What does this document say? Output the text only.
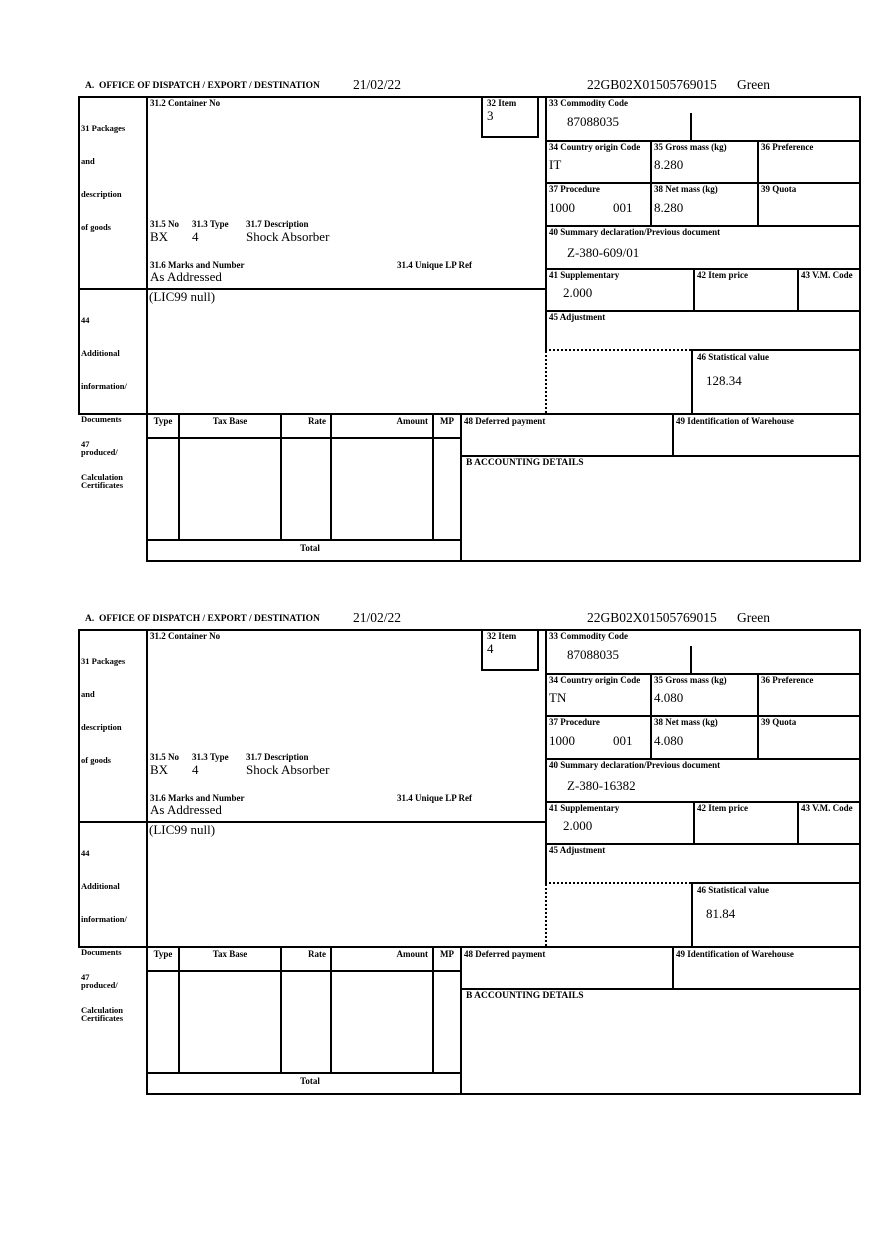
A.  OFFICE OF DISPATCH / EXPORT / DESTINATION 21/02/22	22GB02X01505769015 Green

31 Packages

and

description

of goods

44

Additional

information/

Documents

produced/

Certificates

47

Calculation

31.2 Container No	32 Item
3
33 Commodity Code
87088035
34 Country origin Code
IT
35 Gross mass (kg)
8.280
36 Preference
37 Procedure
1000	001
38 Net mass (kg)
8.280
39 Quota
31.5 No 31.3 Type 31.7 Description
BX 4	Shock Absorber
31.6 Marks and Number	31.4 Unique LP Ref
As Addressed
40 Summary declaration/Previous document
Z-380-609/01
(LIC99 null)
41 Supplementary
2.000
42 Item price	43 V.M. Code
45 Adjustment
46 Statistical value
128.34
Type	Tax Base	Rate	Amount	MP
Total
48 Deferred payment	49 Identification of Warehouse
B ACCOUNTING DETAILS
A.  OFFICE OF DISPATCH / EXPORT / DESTINATION 21/02/22	22GB02X01505769015 Green

31 Packages

and

description

of goods

44

Additional

information/

Documents

produced/

Certificates

47

Calculation

31.2 Container No	32 Item
4
33 Commodity Code
87088035
34 Country origin Code
TN
35 Gross mass (kg)
4.080
36 Preference
37 Procedure
1000	001
38 Net mass (kg)
4.080
39 Quota
31.5 No 31.3 Type 31.7 Description
BX 4	Shock Absorber
31.6 Marks and Number	31.4 Unique LP Ref
As Addressed
40 Summary declaration/Previous document
Z-380-16382
(LIC99 null)
41 Supplementary
2.000
42 Item price	43 V.M. Code
45 Adjustment
46 Statistical value
81.84
Type	Tax Base	Rate	Amount	MP
Total
48 Deferred payment	49 Identification of Warehouse
B ACCOUNTING DETAILS
